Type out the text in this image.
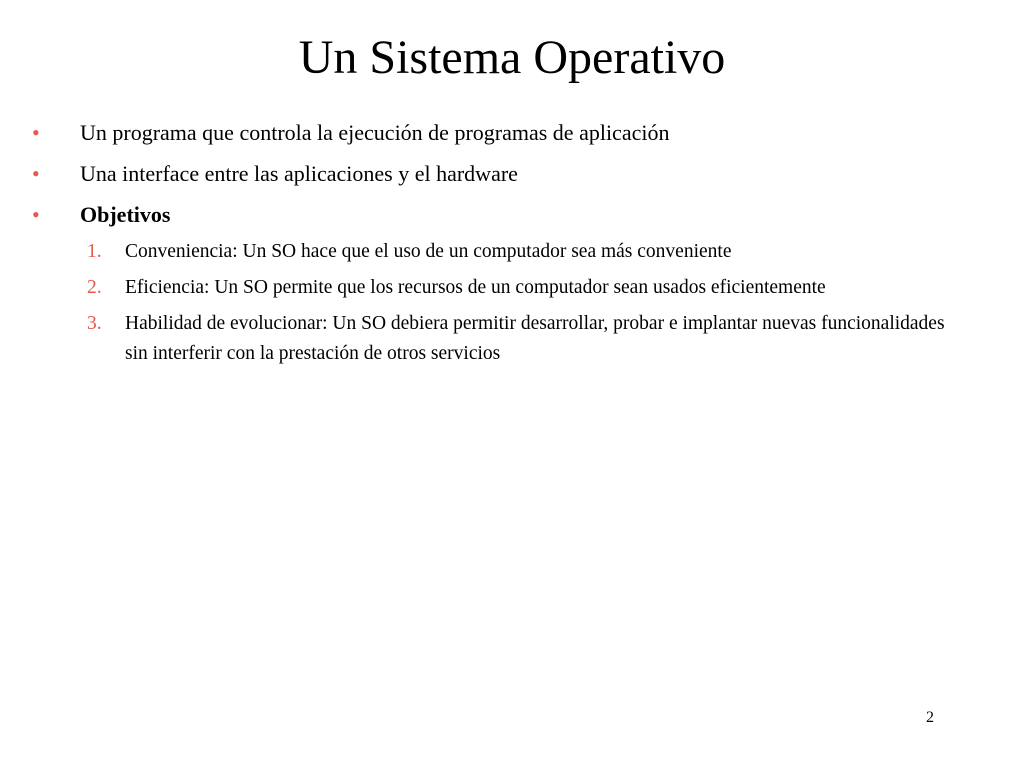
Un Sistema Operativo
•	Un programa que controla la ejecución de programas de aplicación
•	Una interface entre las aplicaciones y el hardware
•	Objetivos
1. Conveniencia: Un SO hace que el uso de un computador sea más conveniente
2. Eficiencia: Un SO permite que los recursos de un computador sean usados eficientemente
3. Habilidad de evolucionar: Un SO debiera permitir desarrollar, probar e implantar nuevas funcionalidades sin interferir con la prestación de otros servicios
2
